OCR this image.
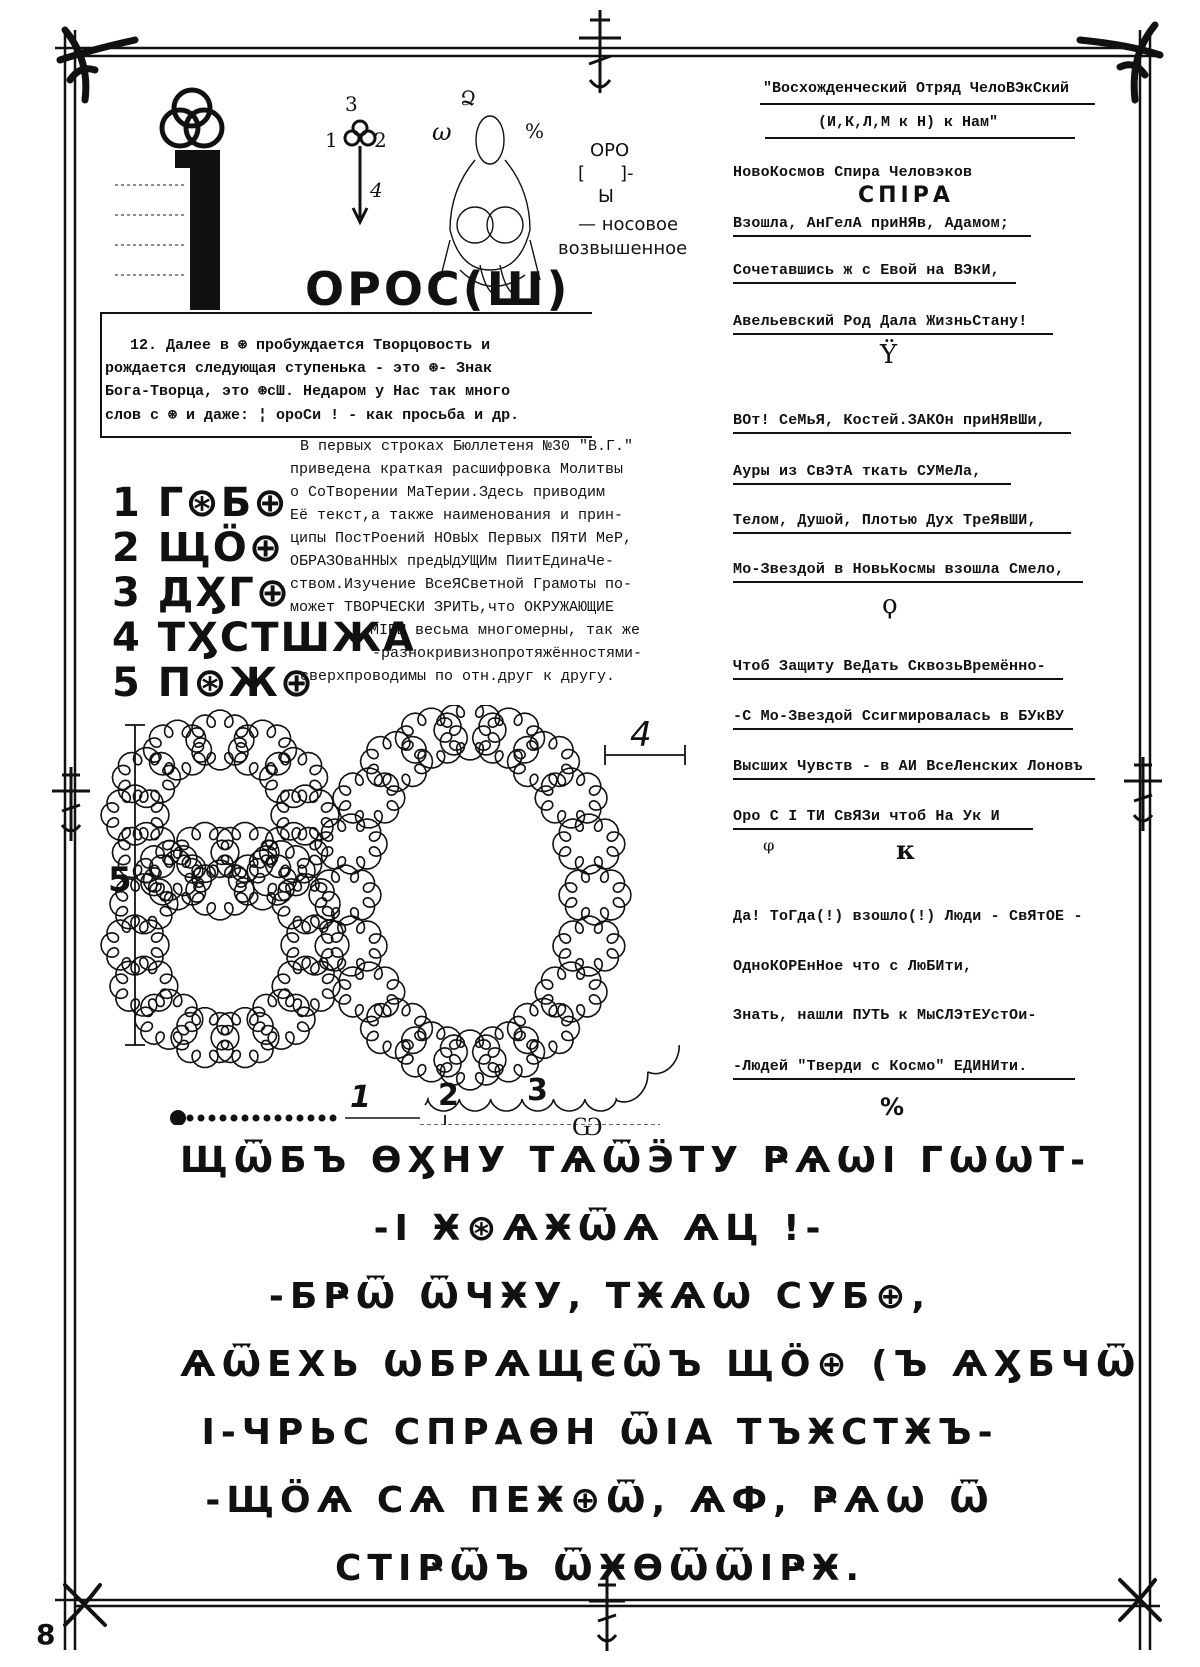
8
3
1 2
4
ω
Ձ
%
ОРО
[ ]-
Ы
— носовое
возвышенное
ОРОС(Ш)
12. Далее в ⊛ пробуждается Творцовость и
рождается следующая ступенька - это ⊛- Знак
Бога-Творца, это ⊛сШ. Недаром у Нас так много
слов с ⊛ и даже: ¦ ороСи ! - как просьба и др.
В первых строках Бюллетеня №30 "В.Г."
приведена краткая расшифровка Молитвы
о СоТворении МаТерии.Здесь приводим
Её текст,а также наименования и прин-
ципы ПостРоений НОвЫх Первых ПЯтИ МеР,
ОБРАЗОваННЫх предЫдУЩИм ПиитЕдинаЧе-
ством.Изучение ВсеЯСветной Грамоты по-
может ТВОРЧЕСКИ ЗРИТЬ,что ОКРУЖАЮЩИЕ
МIРЫ весьма многомерны, так же
-разнокривизнопротяжённостями-
сверхпроводимы по отн.друг к другу.
1 Г⊛Б⊕
2 ЩӦ⊕
3 ДӼГ⊕
4 ТӼСТШЖА
5 П⊛Ж⊕
5
4
1 2 3
Ѡ
"Восхожденческий Отряд ЧелоВЭкСкий
(И,К,Л,М к Н) к Нам"
НовоКосмов Спира Человэков
СПІРА
Взошла, АнГелА приНЯв, Адамом;
Сочетавшись ж с Евой на ВЭкИ,
Авельевский Род Дала ЖизньСтану!
Ϋ
ВОт! СеМьЯ, Костей.ЗАКОн приНЯвШи,
Ауры из СвЭтА ткать СУМеЛа,
Телом, Душой, Плотью Дух ТреЯвШИ,
Мо-Звездой в НовьКосмы взошла Смело,
ϙ
Чтоб Защиту ВеДать СквозьВремённо-
-С Мо-Звездой Ссигмировалась в БУкВУ
Высших Чувств - в АИ ВсеЛенских Лоновъ
Оро С І ТИ СвЯЗи чтоб На Ук И
ᵠ	к
Да! ТоГда(!) взошло(!) Люди - СвЯтОЕ -
ОдноКОРЕнНое что с ЛюБИти,
Знать, нашли ПУТЬ к МыСЛЭтЕУстОи-
-Людей "Тверди с Космо" ЕДИНИти.
%
ЩѾБЪ ѲӼНУ ТѦѾӬТУ ҎѦѠІ ГѠѠТ-
-І Ӿ⊛ѦӾѾѦ ѦЦ !-
-БҎѾ ѾЧӾУ, ТӾѦѠ СУБ⊕,
ѦѾЕХЬ ѠБРѦЩЄѾЪ ЩӦ⊕ (Ъ ѦӼБЧѾ
І-ЧРЬС СПРАѲН ѾІА ТЪӾСТӾЪ-
-ЩӦѦ СѦ ПЕӾ⊕Ѿ, ѦФ, ҎѦѠ Ѿ
СТІҎѾЪ ѾӾѲѾѾІҎӾ.
